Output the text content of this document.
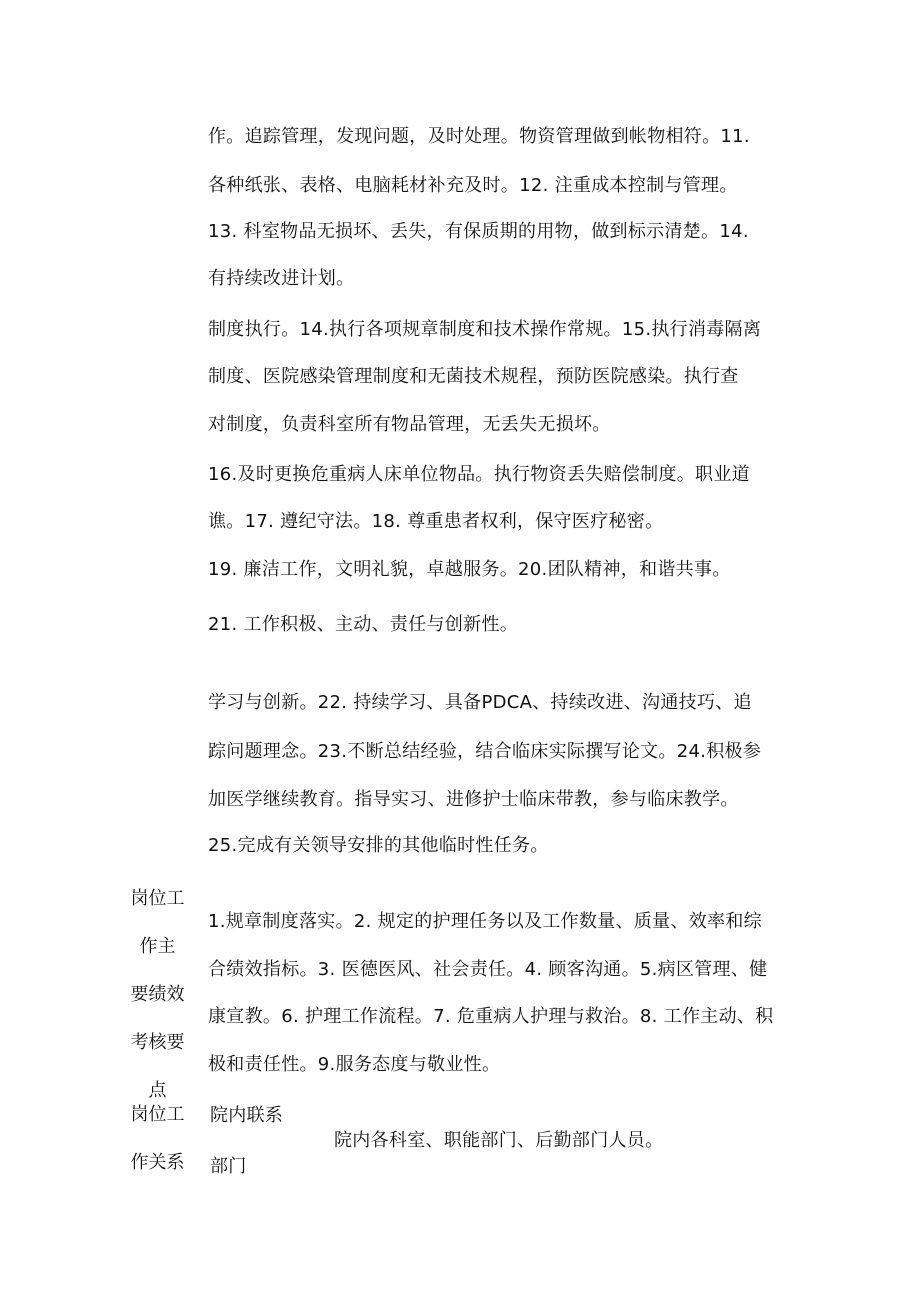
作。追踪管理，发现问题，及时处理。物资管理做到帐物相符。11.
各种纸张、表格、电脑耗材补充及时。12. 注重成本控制与管理。
13. 科室物品无损坏、丢失，有保质期的用物，做到标示清楚。14.
有持续改进计划。
制度执行。14.执行各项规章制度和技术操作常规。15.执行消毒隔离
制度、医院感染管理制度和无菌技术规程，预防医院感染。执行查
对制度，负责科室所有物品管理，无丢失无损坏。
16.及时更换危重病人床单位物品。执行物资丢失赔偿制度。职业道
谯。17. 遵纪守法。18. 尊重患者权利，保守医疗秘密。
19. 廉洁工作，文明礼貌，卓越服务。20.团队精神，和谐共事。
21. 工作积极、主动、责任与创新性。
学习与创新。22. 持续学习、具备PDCA、持续改进、沟通技巧、追
踪问题理念。23.不断总结经验，结合临床实际撰写论文。24.积极参
加医学继续教育。指导实习、进修护士临床带教，参与临床教学。
25.完成有关领导安排的其他临时性任务。
岗位工
作主
要绩效
考核要
点
1.规章制度落实。2. 规定的护理任务以及工作数量、质量、效率和综
合绩效指标。3. 医德医风、社会责任。4. 顾客沟通。5.病区管理、健
康宣教。6. 护理工作流程。7. 危重病人护理与救治。8. 工作主动、积
极和责任性。9.服务态度与敬业性。
岗位工
作关系
院内联系
部门
院内各科室、职能部门、后勤部门人员。
